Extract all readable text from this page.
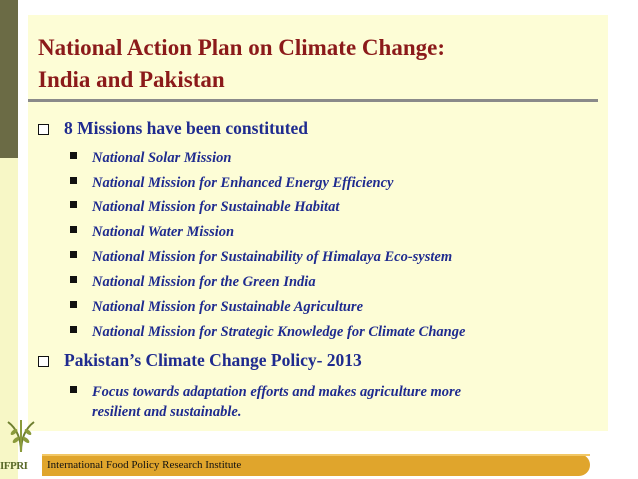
National Action Plan on Climate Change:
India and Pakistan
8 Missions have been constituted
National Solar Mission
National Mission for Enhanced Energy Efficiency
National Mission for Sustainable Habitat
National Water Mission
National Mission for Sustainability of Himalaya Eco-system
National Mission for the Green India
National Mission for Sustainable Agriculture
National Mission for Strategic Knowledge for Climate Change
Pakistan’s Climate Change Policy- 2013
Focus towards adaptation efforts and makes agriculture more
resilient and sustainable.
International Food Policy Research Institute
IFPRI
